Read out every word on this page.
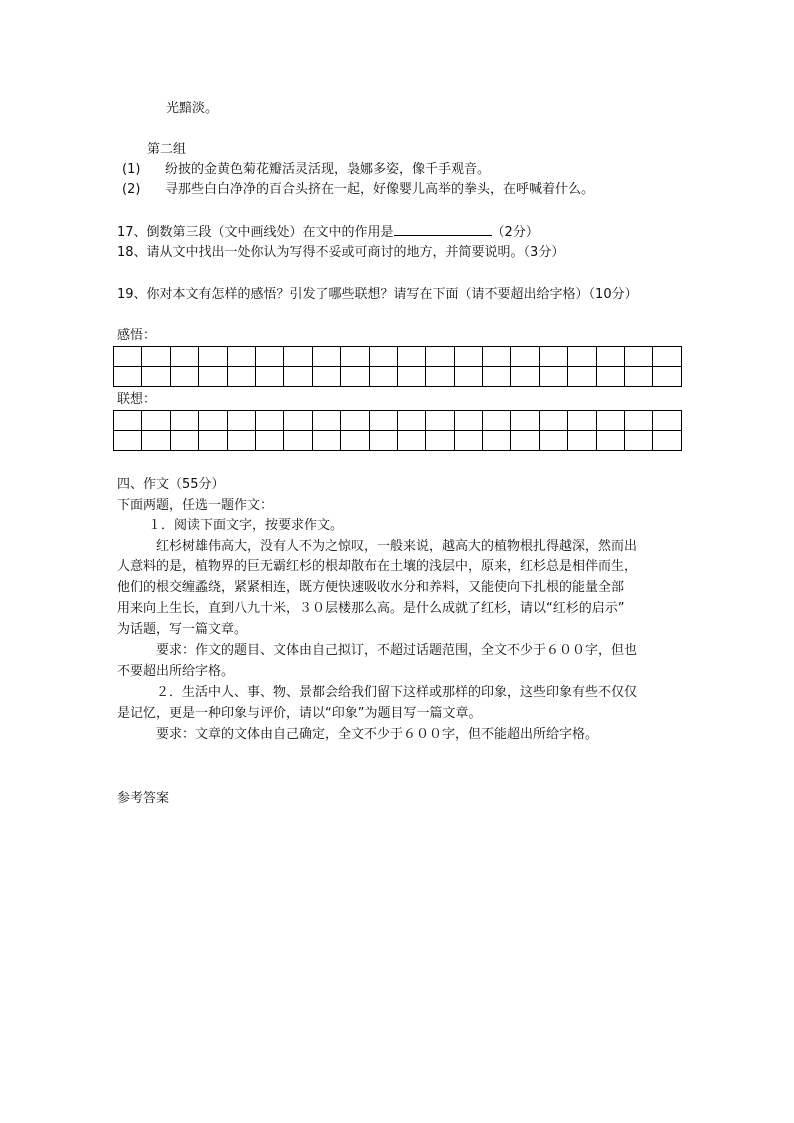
光黯淡。
第二组
(1) 纷披的金黄色菊花瓣活灵活现，袅娜多姿，像千手观音。
(2) 寻那些白白净净的百合头挤在一起，好像婴儿高举的拳头，在呼喊着什么。
17、倒数第三段（文中画线处）在文中的作用是	（2分）
18、请从文中找出一处你认为写得不妥或可商讨的地方，并简要说明。（3分）
19、你对本文有怎样的感悟？引发了哪些联想？请写在下面（请不要超出给字格）（10分）
感悟：

联想：

四、作文（55分）
下面两题，任选一题作文：
１．阅读下面文字，按要求作文。
红杉树雄伟高大，没有人不为之惊叹，一般来说，越高大的植物根扎得越深，然而出
人意料的是，植物界的巨无霸红杉的根却散布在土壤的浅层中，原来，红杉总是相伴而生，
他们的根交缠蟊绕，紧紧相连，既方便快速吸收水分和养料，又能使向下扎根的能量全部
用来向上生长，直到八九十米，３０层楼那么高。是什么成就了红杉，请以“红杉的启示”
为话题，写一篇文章。
要求：作文的题目、文体由自己拟订，不超过话题范围，全文不少于６００字，但也
不要超出所给字格。
２．生活中人、事、物、景都会给我们留下这样或那样的印象，这些印象有些不仅仅
是记忆，更是一种印象与评价，请以“印象”为题目写一篇文章。
要求：文章的文体由自己确定，全文不少于６００字，但不能超出所给字格。
参考答案
